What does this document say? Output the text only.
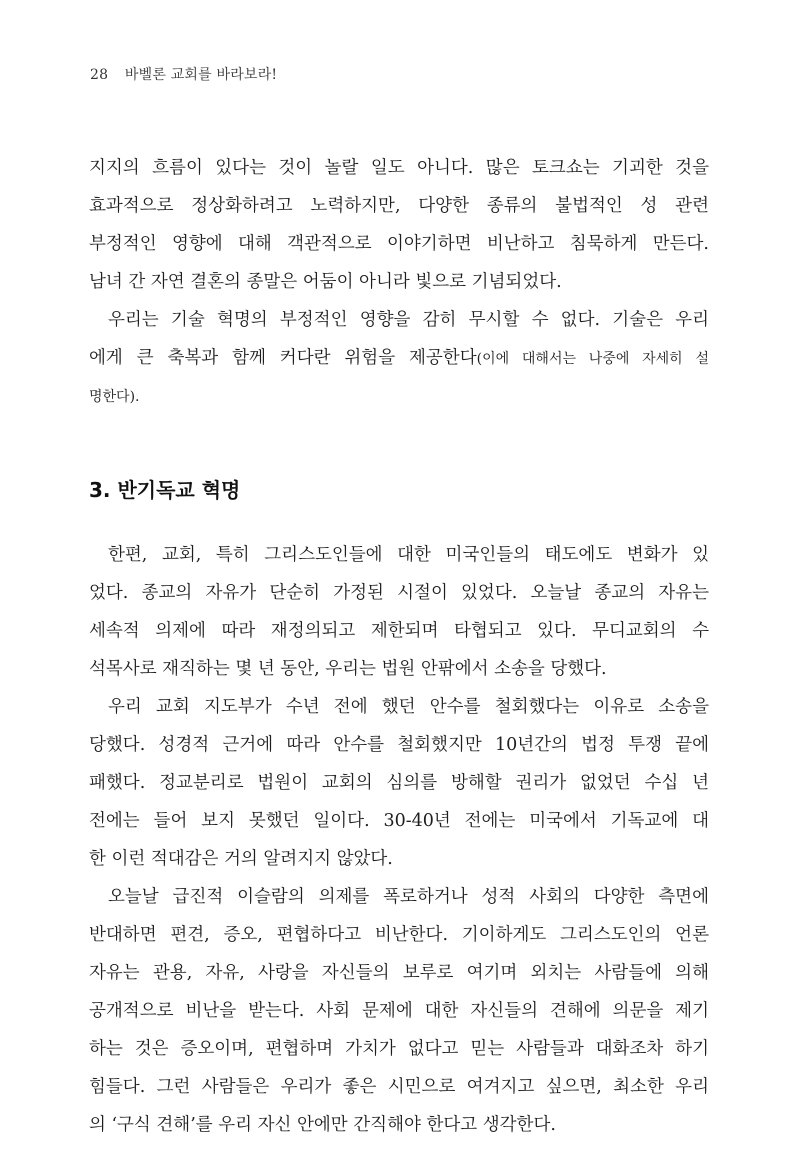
28 바벨론 교회를 바라보라!

지지의 흐름이 있다는 것이 놀랄 일도 아니다. 많은 토크쇼는 기괴한 것을
효과적으로 정상화하려고 노력하지만, 다양한 종류의 불법적인 성 관련
부정적인 영향에 대해 객관적으로 이야기하면 비난하고 침묵하게 만든다.
남녀 간 자연 결혼의 종말은 어둠이 아니라 빛으로 기념되었다.

우리는 기술 혁명의 부정적인 영향을 감히 무시할 수 없다. 기술은 우리
에게 큰 축복과 함께 커다란 위험을 제공한다(이에 대해서는 나중에 자세히 설
명한다).

3. 반기독교 혁명

한편, 교회, 특히 그리스도인들에 대한 미국인들의 태도에도 변화가 있
었다. 종교의 자유가 단순히 가정된 시절이 있었다. 오늘날 종교의 자유는
세속적 의제에 따라 재정의되고 제한되며 타협되고 있다. 무디교회의 수
석목사로 재직하는 몇 년 동안, 우리는 법원 안팎에서 소송을 당했다.

우리 교회 지도부가 수년 전에 했던 안수를 철회했다는 이유로 소송을
당했다. 성경적 근거에 따라 안수를 철회했지만 10년간의 법정 투쟁 끝에
패했다. 정교분리로 법원이 교회의 심의를 방해할 권리가 없었던 수십 년
전에는 들어 보지 못했던 일이다. 30-40년 전에는 미국에서 기독교에 대
한 이런 적대감은 거의 알려지지 않았다.

오늘날 급진적 이슬람의 의제를 폭로하거나 성적 사회의 다양한 측면에
반대하면 편견, 증오, 편협하다고 비난한다. 기이하게도 그리스도인의 언론
자유는 관용, 자유, 사랑을 자신들의 보루로 여기며 외치는 사람들에 의해
공개적으로 비난을 받는다. 사회 문제에 대한 자신들의 견해에 의문을 제기
하는 것은 증오이며, 편협하며 가치가 없다고 믿는 사람들과 대화조차 하기
힘들다. 그런 사람들은 우리가 좋은 시민으로 여겨지고 싶으면, 최소한 우리
의 ‘구식 견해’를 우리 자신 안에만 간직해야 한다고 생각한다.
